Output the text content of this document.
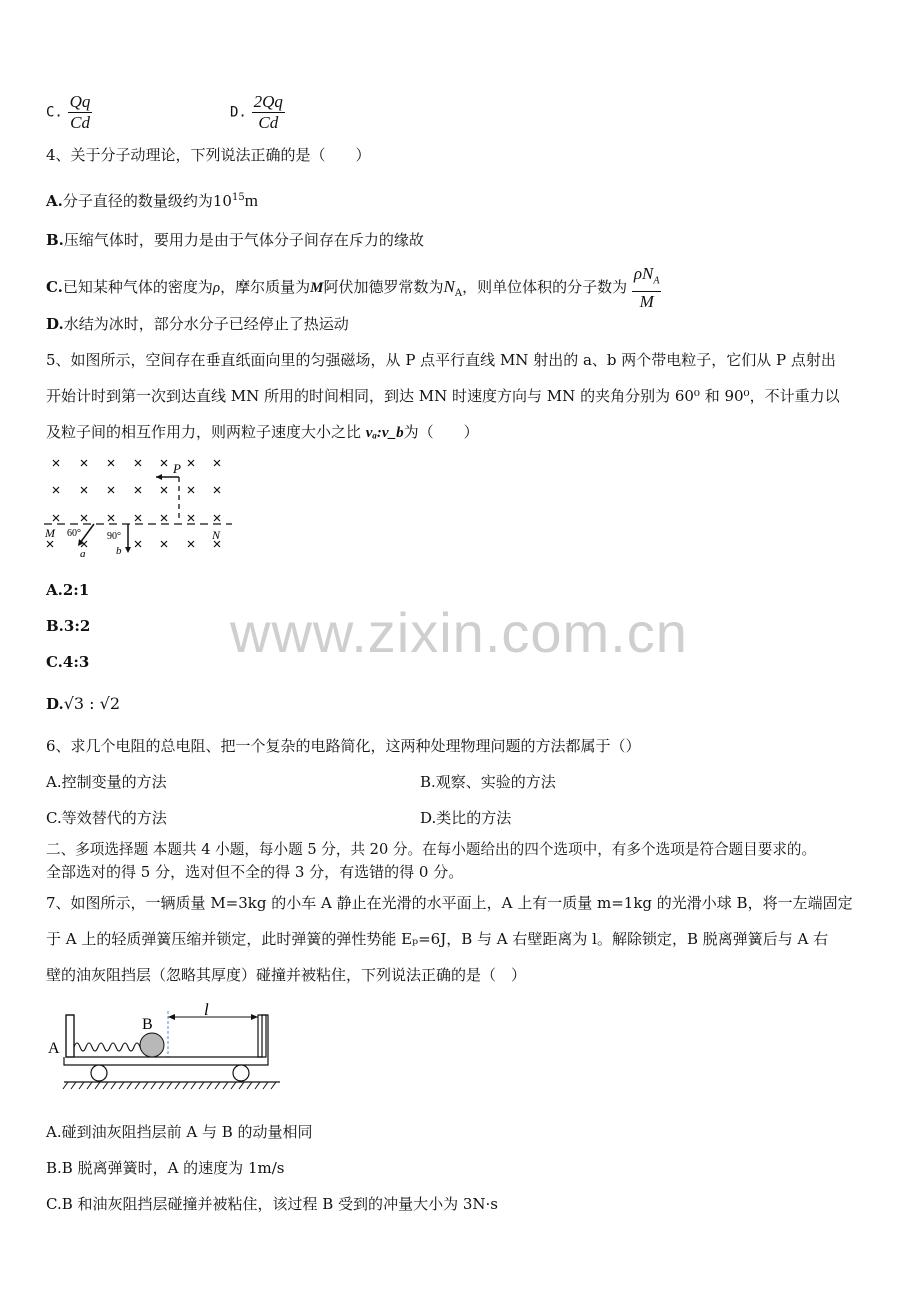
C. $\frac{Qq}{Cd}$	D. $\frac{2Qq}{Cd}$
4、关于分子动理论，下列说法正确的是（　　）
A.分子直径的数量级约为$10^{15}m$
B.压缩气体时，要用力是由于气体分子间存在斥力的缘故
C.已知某种气体的密度为ρ，摩尔质量为M阿伏加德罗常数为$N_A$，则单位体积的分子数为 $\frac{\rho N_A}{M}$
D.水结为冰时，部分水分子已经停止了热运动
5、如图所示，空间存在垂直纸面向里的匀强磁场，从 P 点平行直线 MN 射出的 a、b 两个带电粒子，它们从 P 点射出
开始计时到第一次到达直线 MN 所用的时间相同，到达 MN 时速度方向与 MN 的夹角分别为 60⁰ 和 90⁰，不计重力以
及粒子间的相互作用力，则两粒子速度大小之比 vₐ:v_b为（　　）
P
M	N
60°	90°
a	b
A.2:1
B.3:2
C.4:3
D.√3 : √2
6、求几个电阻的总电阻、把一个复杂的电路简化，这两种处理物理问题的方法都属于（）
A.控制变量的方法	B.观察、实验的方法
C.等效替代的方法	D.类比的方法
二、多项选择题 本题共 4 小题，每小题 5 分，共 20 分。在每小题给出的四个选项中，有多个选项是符合题目要求的。
全部选对的得 5 分，选对但不全的得 3 分，有选错的得 0 分。
7、如图所示，一辆质量 M=3kg 的小车 A 静止在光滑的水平面上，A 上有一质量 m=1kg 的光滑小球 B，将一左端固定
于 A 上的轻质弹簧压缩并锁定，此时弹簧的弹性势能 Eₚ=6J，B 与 A 右壁距离为 l。解除锁定，B 脱离弹簧后与 A 右
壁的油灰阻挡层（忽略其厚度）碰撞并被粘住，下列说法正确的是（　）
l
A
B
A.碰到油灰阻挡层前 A 与 B 的动量相同
B.B 脱离弹簧时，A 的速度为 1m/s
C.B 和油灰阻挡层碰撞并被粘住，该过程 B 受到的冲量大小为 3N·s
www.zixin.com.cn
